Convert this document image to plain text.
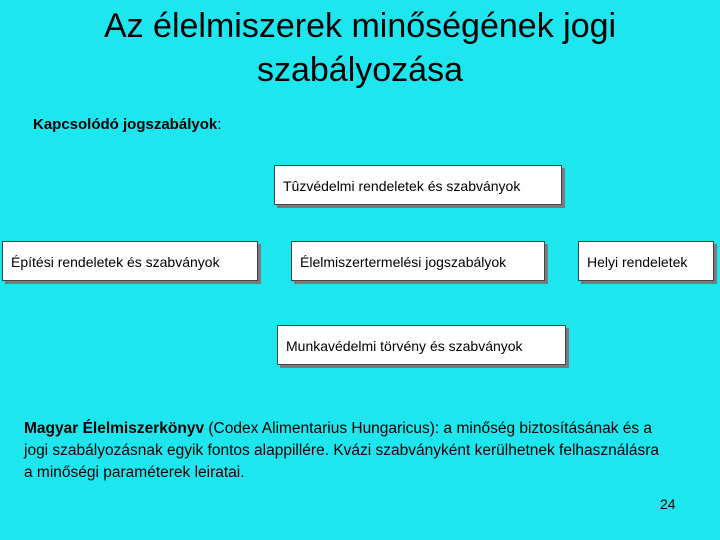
Az élelmiszerek minőségének jogi
szabályozása
Kapcsolódó jogszabályok:
Tûzvédelmi rendeletek és szabványok
Építési rendeletek és szabványok	Élelmiszertermelési jogszabályok	Helyi rendeletek
Munkavédelmi törvény és szabványok
Magyar Élelmiszerkönyv (Codex Alimentarius Hungaricus): a minőség biztosításának és a jogi szabályozásnak egyik fontos alappillére. Kvázi szabványként kerülhetnek felhasználásra a minőségi paraméterek leiratai.
24
